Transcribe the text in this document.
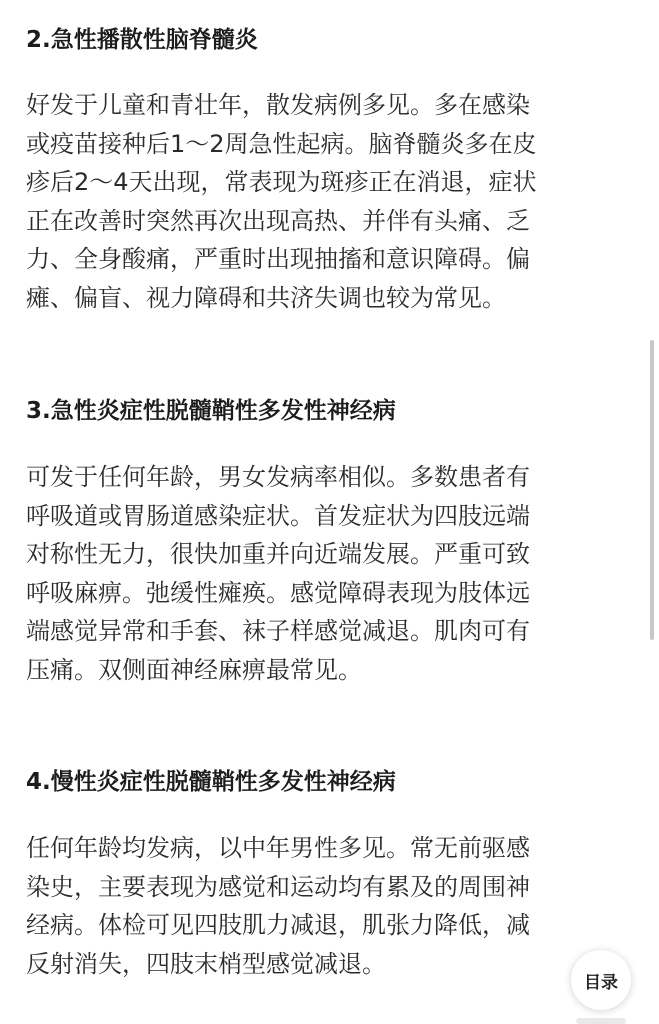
2.急性播散性脑脊髓炎

好发于儿童和青壮年，散发病例多见。多在感染
或疫苗接种后1～2周急性起病。脑脊髓炎多在皮
疹后2～4天出现，常表现为斑疹正在消退，症状
正在改善时突然再次出现高热、并伴有头痛、乏
力、全身酸痛，严重时出现抽搐和意识障碍。偏
瘫、偏盲、视力障碍和共济失调也较为常见。

3.急性炎症性脱髓鞘性多发性神经病

可发于任何年龄，男女发病率相似。多数患者有
呼吸道或胃肠道感染症状。首发症状为四肢远端
对称性无力，很快加重并向近端发展。严重可致
呼吸麻痹。弛缓性瘫痪。感觉障碍表现为肢体远
端感觉异常和手套、袜子样感觉减退。肌肉可有
压痛。双侧面神经麻痹最常见。

4.慢性炎症性脱髓鞘性多发性神经病

任何年龄均发病，以中年男性多见。常无前驱感
染史，主要表现为感觉和运动均有累及的周围神
经病。体检可见四肢肌力减退，肌张力降低，减
反射消失，四肢末梢型感觉减退。

目录
